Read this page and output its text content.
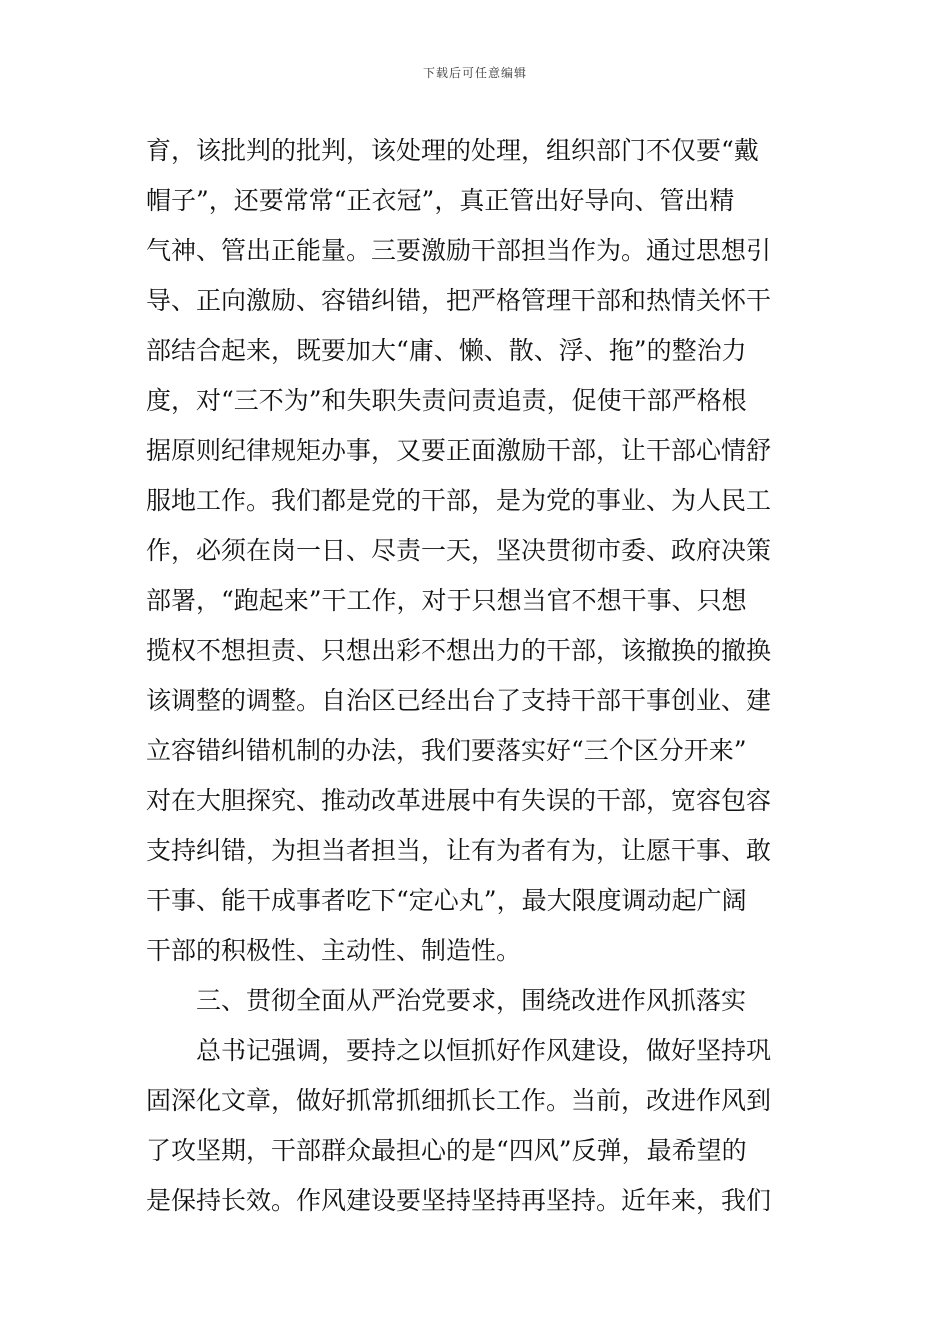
下载后可任意编辑
育，该批判的批判，该处理的处理，组织部门不仅要“戴
帽子”，还要常常“正衣冠”，真正管出好导向、管出精
气神、管出正能量。三要激励干部担当作为。通过思想引
导、正向激励、容错纠错，把严格管理干部和热情关怀干
部结合起来，既要加大“庸、懒、散、浮、拖”的整治力
度，对“三不为”和失职失责问责追责，促使干部严格根
据原则纪律规矩办事，又要正面激励干部，让干部心情舒
服地工作。我们都是党的干部，是为党的事业、为人民工
作，必须在岗一日、尽责一天，坚决贯彻市委、政府决策
部署，“跑起来”干工作，对于只想当官不想干事、只想
揽权不想担责、只想出彩不想出力的干部，该撤换的撤换
该调整的调整。自治区已经出台了支持干部干事创业、建
立容错纠错机制的办法，我们要落实好“三个区分开来”
对在大胆探究、推动改革进展中有失误的干部，宽容包容
支持纠错，为担当者担当，让有为者有为，让愿干事、敢
干事、能干成事者吃下“定心丸”，最大限度调动起广阔
干部的积极性、主动性、制造性。
三、贯彻全面从严治党要求，围绕改进作风抓落实
总书记强调，要持之以恒抓好作风建设，做好坚持巩
固深化文章，做好抓常抓细抓长工作。当前，改进作风到
了攻坚期，干部群众最担心的是“四风”反弹，最希望的
是保持长效。作风建设要坚持坚持再坚持。近年来，我们
